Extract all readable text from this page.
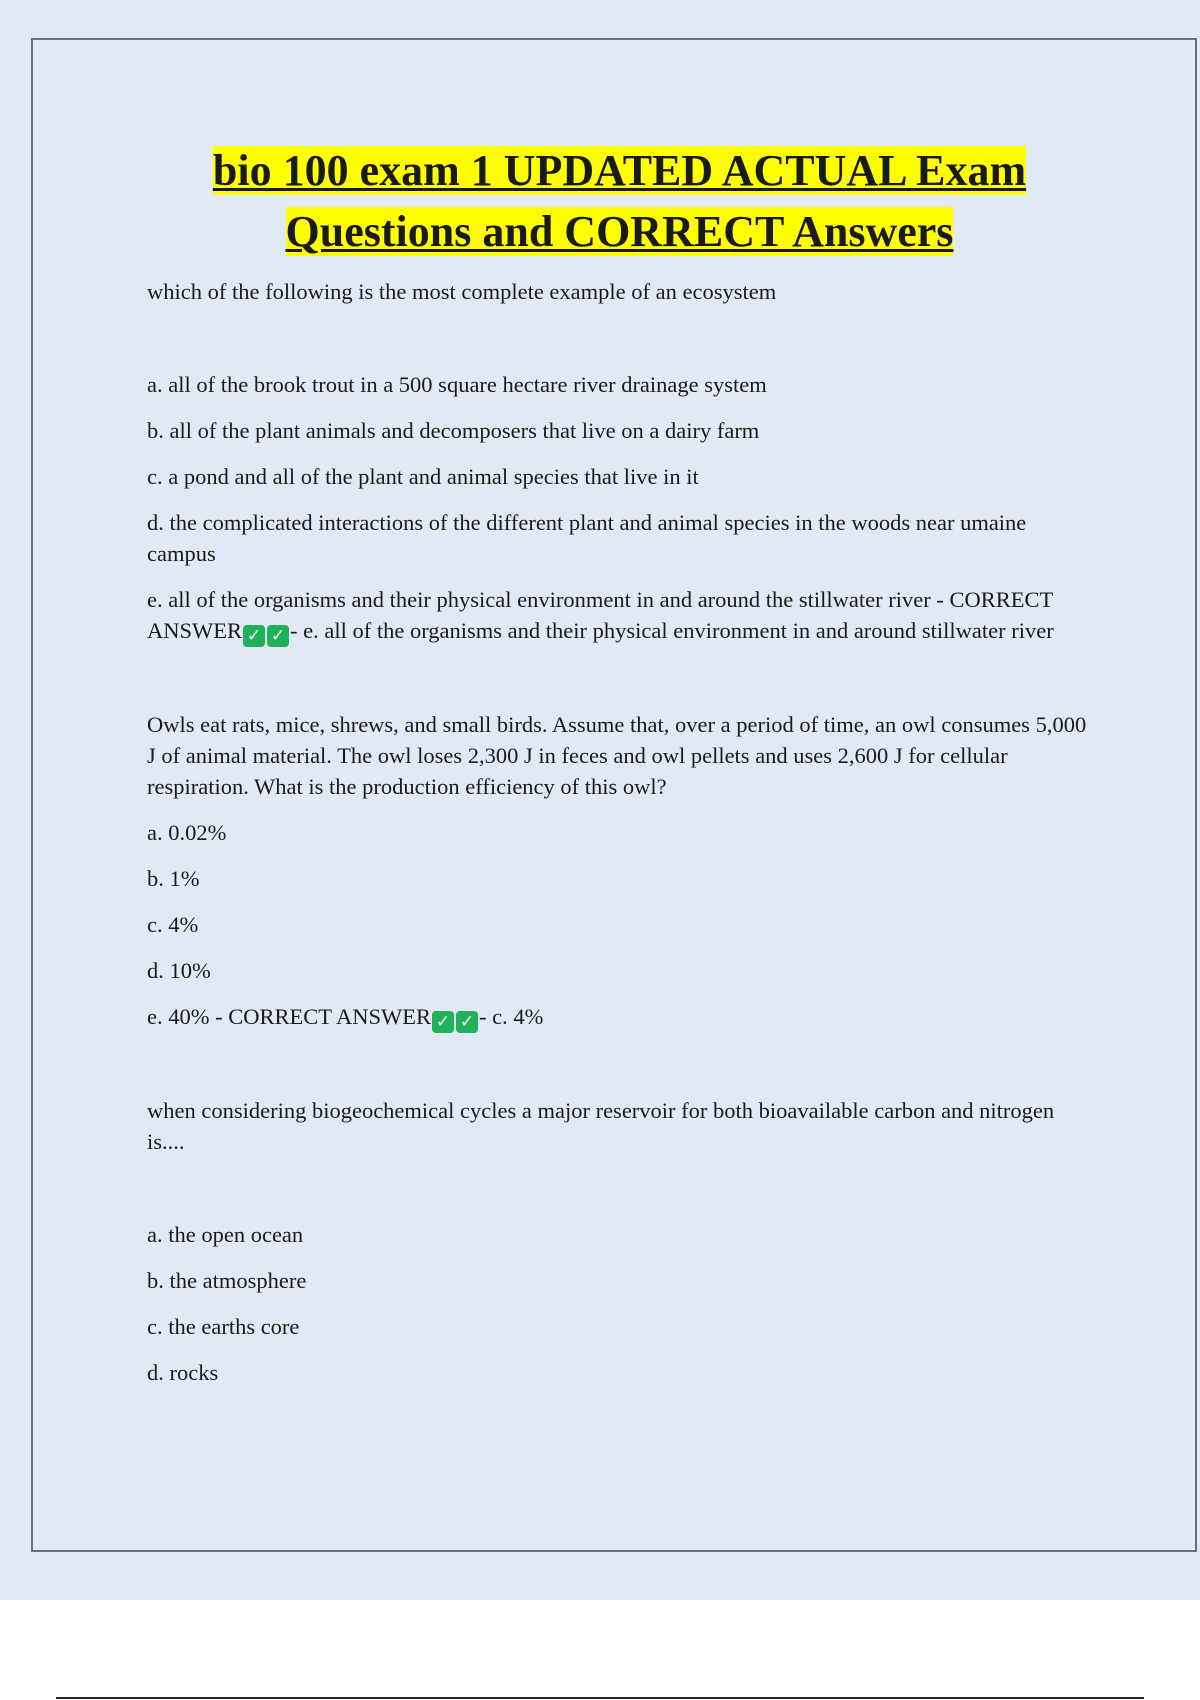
bio 100 exam 1 UPDATED ACTUAL Exam
Questions and CORRECT Answers

which of the following is the most complete example of an ecosystem

a. all of the brook trout in a 500 square hectare river drainage system

b. all of the plant animals and decomposers that live on a dairy farm

c. a pond and all of the plant and animal species that live in it

d. the complicated interactions of the different plant and animal species in the woods near umaine campus

e. all of the organisms and their physical environment in and around the stillwater river - CORRECT ANSWER ✓ ✓ - e. all of the organisms and their physical environment in and around stillwater river

Owls eat rats, mice, shrews, and small birds. Assume that, over a period of time, an owl consumes 5,000 J of animal material. The owl loses 2,300 J in feces and owl pellets and uses 2,600 J for cellular respiration. What is the production efficiency of this owl?

a. 0.02%

b. 1%

c. 4%

d. 10%

e. 40% - CORRECT ANSWER ✓ ✓ - c. 4%

when considering biogeochemical cycles a major reservoir for both bioavailable carbon and nitrogen is....

a. the open ocean

b. the atmosphere

c. the earths core

d. rocks
